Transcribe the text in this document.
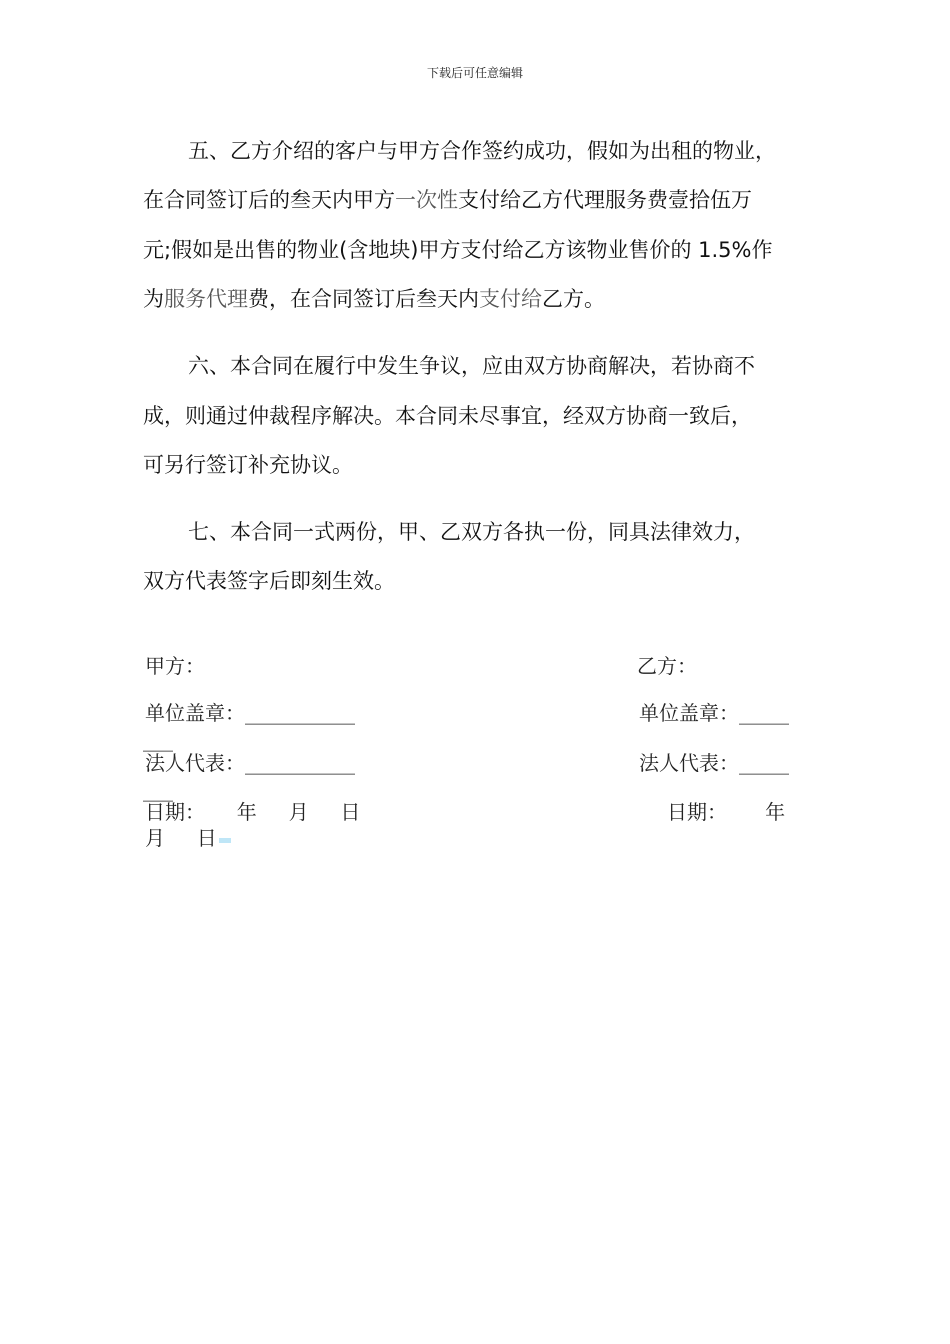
下载后可任意编辑

五、乙方介绍的客户与甲方合作签约成功，假如为出租的物业，

在合同签订后的叁天内甲方一次性支付给乙方代理服务费壹拾伍万

元;假如是出售的物业(含地块)甲方支付给乙方该物业售价的 1.5%作

为服务代理费，在合同签订后叁天内支付给乙方。

六、本合同在履行中发生争议，应由双方协商解决，若协商不

成，则通过仲裁程序解决。本合同未尽事宜，经双方协商一致后，

可另行签订补充协议。

七、本合同一式两份，甲、乙双方各执一份，同具法律效力，

双方代表签字后即刻生效。

甲方：	乙方：
单位盖章：___________	单位盖章：_____
___
法人代表：___________	法人代表：_____
___
日期：     年     月     日	日期：      年
月     日
